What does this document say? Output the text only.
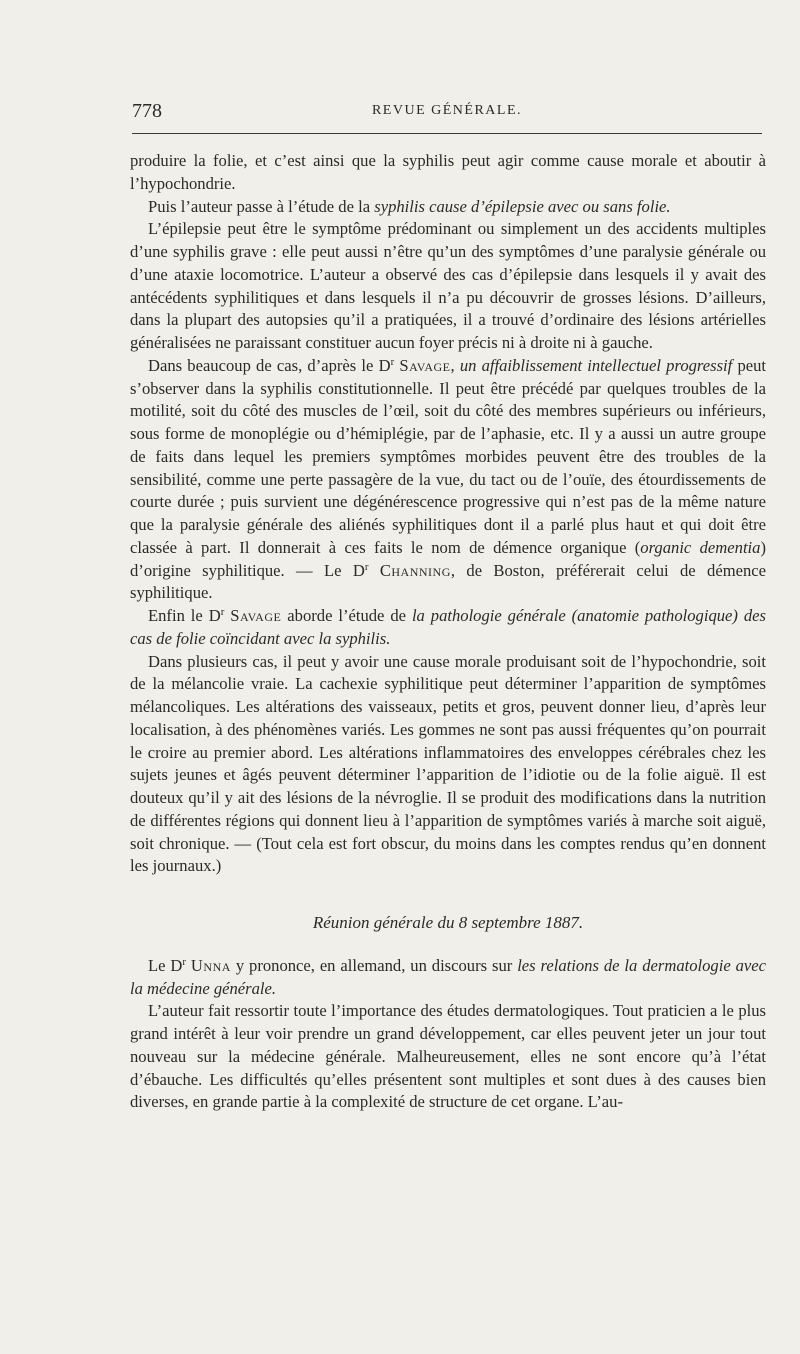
778	REVUE GÉNÉRALE.

produire la folie, et c’est ainsi que la syphilis peut agir comme cause morale et aboutir à l’hypochondrie.

Puis l’auteur passe à l’étude de la syphilis cause d’épilepsie avec ou sans folie.

L’épilepsie peut être le symptôme prédominant ou simplement un des accidents multiples d’une syphilis grave : elle peut aussi n’être qu’un des symptômes d’une paralysie générale ou d’une ataxie locomotrice. L’auteur a observé des cas d’épilepsie dans lesquels il y avait des antécédents syphilitiques et dans lesquels il n’a pu découvrir de grosses lésions. D’ailleurs, dans la plupart des autopsies qu’il a pratiquées, il a trouvé d’ordinaire des lésions artérielles généralisées ne paraissant constituer aucun foyer précis ni à droite ni à gauche.

Dans beaucoup de cas, d’après le $D^r$ Savage, un affaiblissement intellectuel progressif peut s’observer dans la syphilis constitutionnelle. Il peut être précédé par quelques troubles de la motilité, soit du côté des muscles de l’œil, soit du côté des membres supérieurs ou inférieurs, sous forme de monoplégie ou d’hémiplégie, par de l’aphasie, etc. Il y a aussi un autre groupe de faits dans lequel les premiers symptômes morbides peuvent être des troubles de la sensibilité, comme une perte passagère de la vue, du tact ou de l’ouïe, des étourdissements de courte durée ; puis survient une dégénérescence progressive qui n’est pas de la même nature que la paralysie générale des aliénés syphilitiques dont il a parlé plus haut et qui doit être classée à part. Il donnerait à ces faits le nom de démence organique (organic dementia) d’origine syphilitique. — Le $D^r$ Channing, de Boston, préférerait celui de démence syphilitique.

Enfin le $D^r$ Savage aborde l’étude de la pathologie générale (anatomie pathologique) des cas de folie coïncidant avec la syphilis.

Dans plusieurs cas, il peut y avoir une cause morale produisant soit de l’hypochondrie, soit de la mélancolie vraie. La cachexie syphilitique peut déterminer l’apparition de symptômes mélancoliques. Les altérations des vaisseaux, petits et gros, peuvent donner lieu, d’après leur localisation, à des phénomènes variés. Les gommes ne sont pas aussi fréquentes qu’on pourrait le croire au premier abord. Les altérations inflammatoires des enveloppes cérébrales chez les sujets jeunes et âgés peuvent déterminer l’apparition de l’idiotie ou de la folie aiguë. Il est douteux qu’il y ait des lésions de la névroglie. Il se produit des modifications dans la nutrition de différentes régions qui donnent lieu à l’apparition de symptômes variés à marche soit aiguë, soit chronique. — (Tout cela est fort obscur, du moins dans les comptes rendus qu’en donnent les journaux.)

Réunion générale du 8 septembre 1887.

Le $D^r$ Unna y prononce, en allemand, un discours sur les relations de la dermatologie avec la médecine générale.

L’auteur fait ressortir toute l’importance des études dermatologiques. Tout praticien a le plus grand intérêt à leur voir prendre un grand développement, car elles peuvent jeter un jour tout nouveau sur la médecine générale. Malheureusement, elles ne sont encore qu’à l’état d’ébauche. Les difficultés qu’elles présentent sont multiples et sont dues à des causes bien diverses, en grande partie à la complexité de structure de cet organe. L’au-
